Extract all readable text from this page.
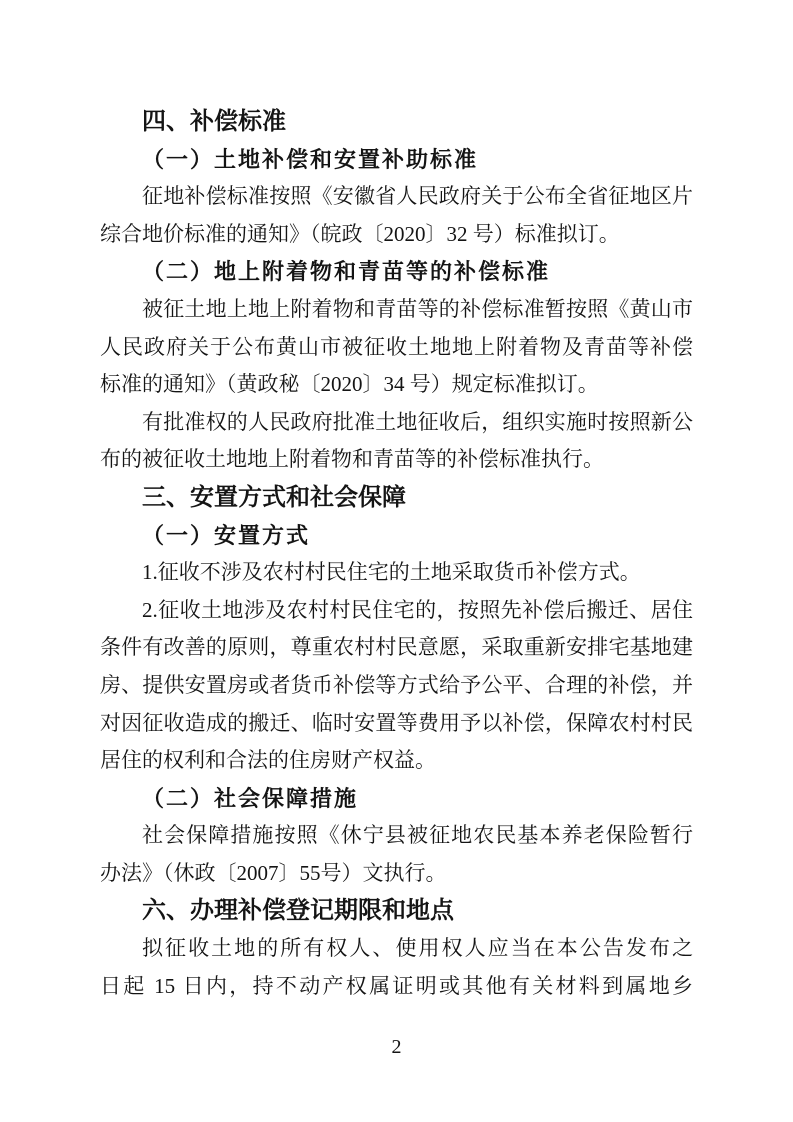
四、补偿标准
（一）土地补偿和安置补助标准
征地补偿标准按照《安徽省人民政府关于公布全省征地区片
综合地价标准的通知》（皖政〔2020〕32 号）标准拟订。
（二）地上附着物和青苗等的补偿标准
被征土地上地上附着物和青苗等的补偿标准暂按照《黄山市
人民政府关于公布黄山市被征收土地地上附着物及青苗等补偿
标准的通知》（黄政秘〔2020〕34 号）规定标准拟订。
有批准权的人民政府批准土地征收后，组织实施时按照新公
布的被征收土地地上附着物和青苗等的补偿标准执行。
三、安置方式和社会保障
（一）安置方式
1.征收不涉及农村村民住宅的土地采取货币补偿方式。
2.征收土地涉及农村村民住宅的，按照先补偿后搬迁、居住
条件有改善的原则，尊重农村村民意愿，采取重新安排宅基地建
房、提供安置房或者货币补偿等方式给予公平、合理的补偿，并
对因征收造成的搬迁、临时安置等费用予以补偿，保障农村村民
居住的权利和合法的住房财产权益。
（二）社会保障措施
社会保障措施按照《休宁县被征地农民基本养老保险暂行
办法》（休政〔2007〕55号）文执行。
六、办理补偿登记期限和地点
拟征收土地的所有权人、使用权人应当在本公告发布之
日起 15 日内，持不动产权属证明或其他有关材料到属地乡
2
